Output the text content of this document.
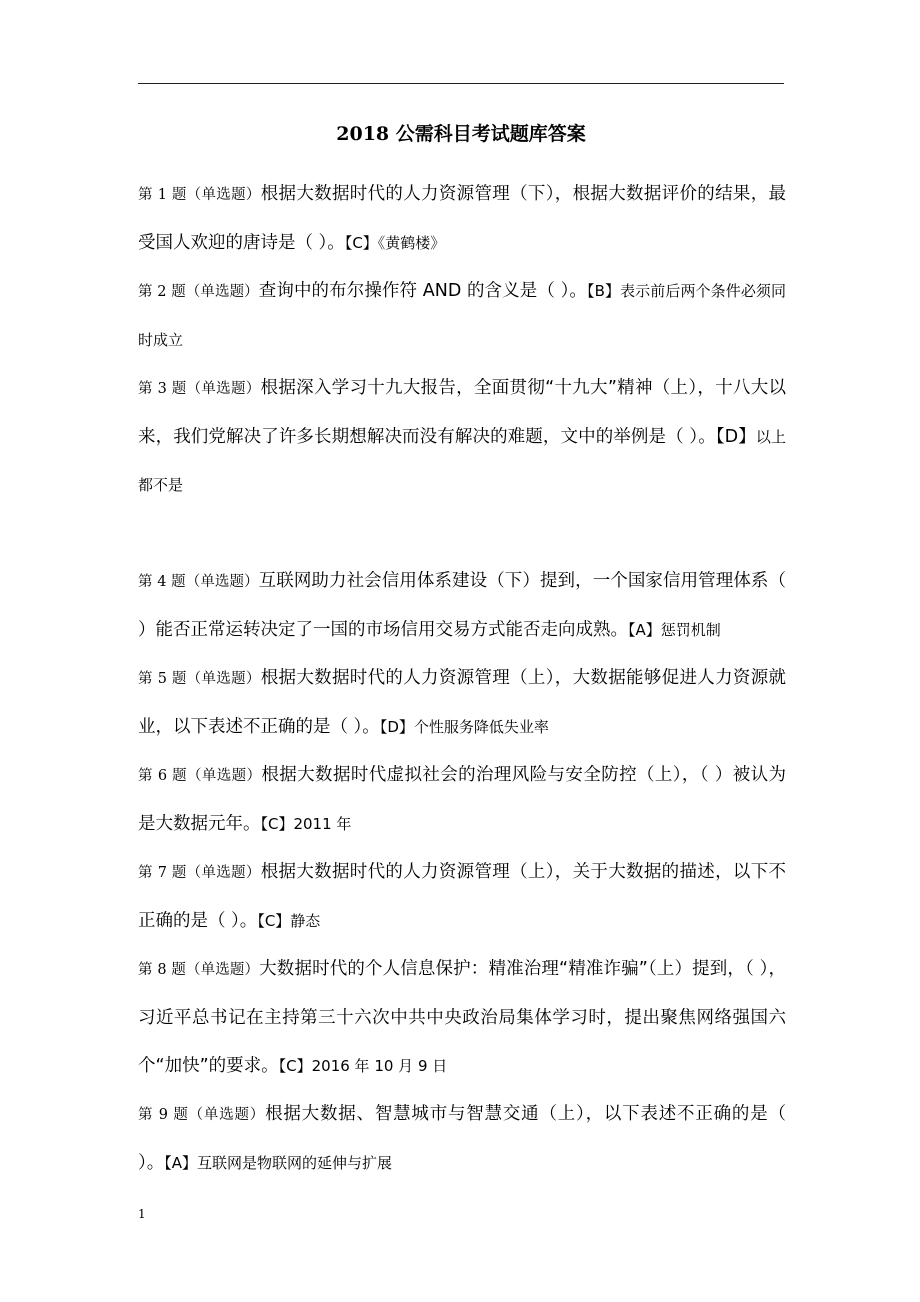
2018 公需科目考试题库答案
第 1 题（单选题）根据大数据时代的人力资源管理（下），根据大数据评价的结果，最受国人欢迎的唐诗是（ ）。【C】《黄鹤楼》
第 2 题（单选题）查询中的布尔操作符 AND 的含义是（ ）。【B】表示前后两个条件必须同时成立
第 3 题（单选题）根据深入学习十九大报告，全面贯彻“十九大”精神（上），十八大以来，我们党解决了许多长期想解决而没有解决的难题，文中的举例是（ ）。【D】以上都不是
第 4 题（单选题）互联网助力社会信用体系建设（下）提到，一个国家信用管理体系（ ）能否正常运转决定了一国的市场信用交易方式能否走向成熟。【A】惩罚机制
第 5 题（单选题）根据大数据时代的人力资源管理（上），大数据能够促进人力资源就业，以下表述不正确的是（ ）。【D】个性服务降低失业率
第 6 题（单选题）根据大数据时代虚拟社会的治理风险与安全防控（上），（ ）被认为是大数据元年。【C】2011 年
第 7 题（单选题）根据大数据时代的人力资源管理（上），关于大数据的描述，以下不正确的是（ ）。【C】静态
第 8 题（单选题）大数据时代的个人信息保护：精准治理“精准诈骗”（上）提到，（ ），习近平总书记在主持第三十六次中共中央政治局集体学习时，提出聚焦网络强国六个“加快”的要求。【C】2016 年 10 月 9 日
第 9 题（单选题）根据大数据、智慧城市与智慧交通（上），以下表述不正确的是（ ）。【A】互联网是物联网的延伸与扩展
1
